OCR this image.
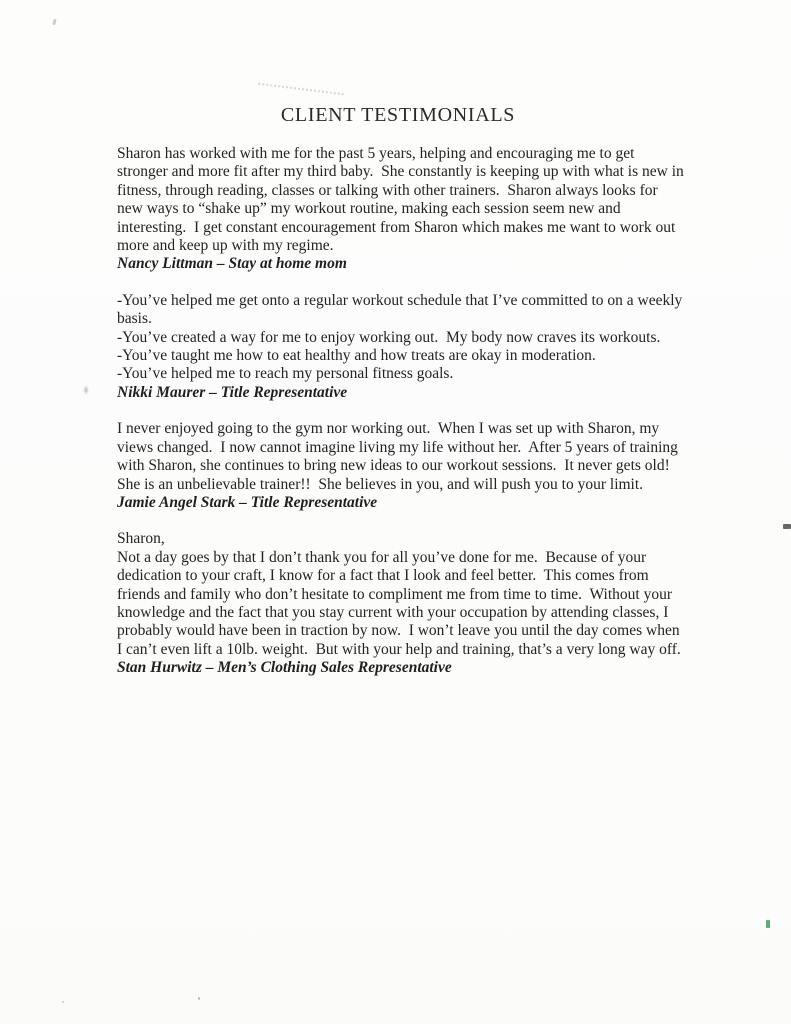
CLIENT TESTIMONIALS

Sharon has worked with me for the past 5 years, helping and encouraging me to get stronger and more fit after my third baby.  She constantly is keeping up with what is new in fitness, through reading, classes or talking with other trainers.  Sharon always looks for new ways to “shake up” my workout routine, making each session seem new and interesting.  I get constant encouragement from Sharon which makes me want to work out more and keep up with my regime.

Nancy Littman – Stay at home mom

-You’ve helped me get onto a regular workout schedule that I’ve committed to on a weekly basis.

-You’ve created a way for me to enjoy working out.  My body now craves its workouts.

-You’ve taught me how to eat healthy and how treats are okay in moderation.

-You’ve helped me to reach my personal fitness goals.

Nikki Maurer – Title Representative

I never enjoyed going to the gym nor working out.  When I was set up with Sharon, my views changed.  I now cannot imagine living my life without her.  After 5 years of training with Sharon, she continues to bring new ideas to our workout sessions.  It never gets old!  She is an unbelievable trainer!!  She believes in you, and will push you to your limit.

Jamie Angel Stark – Title Representative

Sharon,

Not a day goes by that I don’t thank you for all you’ve done for me.  Because of your dedication to your craft, I know for a fact that I look and feel better.  This comes from friends and family who don’t hesitate to compliment me from time to time.  Without your knowledge and the fact that you stay current with your occupation by attending classes, I probably would have been in traction by now.  I won’t leave you until the day comes when I can’t even lift a 10lb. weight.  But with your help and training, that’s a very long way off.

Stan Hurwitz – Men’s Clothing Sales Representative
